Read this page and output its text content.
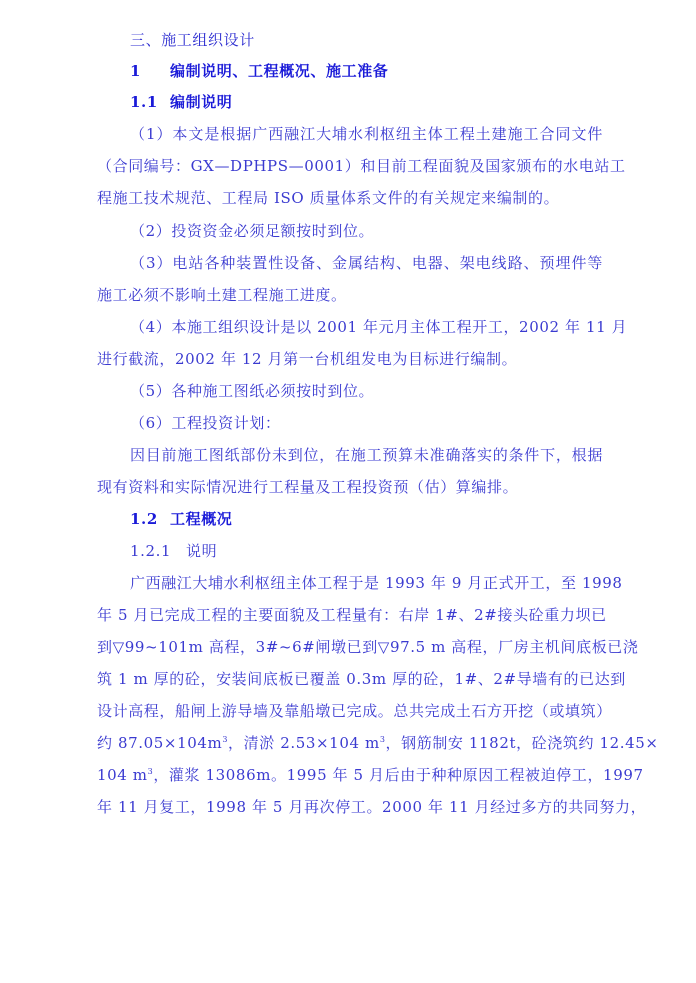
三、施工组织设计
1 编制说明、工程概况、施工准备
1.1 编制说明
（1）本文是根据广西融江大埔水利枢纽主体工程土建施工合同文件
（合同编号：GX—DPHPS—0001）和目前工程面貌及国家颁布的水电站工
程施工技术规范、工程局 ISO 质量体系文件的有关规定来编制的。
（2）投资资金必须足额按时到位。
（3）电站各种装置性设备、金属结构、电器、架电线路、预埋件等
施工必须不影响土建工程施工进度。
（4）本施工组织设计是以 2001 年元月主体工程开工，2002 年 11 月
进行截流，2002 年 12 月第一台机组发电为目标进行编制。
（5）各种施工图纸必须按时到位。
（6）工程投资计划：
因目前施工图纸部份未到位，在施工预算未准确落实的条件下，根据
现有资料和实际情况进行工程量及工程投资预（估）算编排。
1.2 工程概况
1.2.1 说明
广西融江大埔水利枢纽主体工程于是 1993 年 9 月正式开工，至 1998
年 5 月已完成工程的主要面貌及工程量有：右岸 1#、2#接头砼重力坝已
到▽99~101m 高程，3#~6#闸墩已到▽97.5 m 高程，厂房主机间底板已浇
筑 1 m 厚的砼，安装间底板已覆盖 0.3m 厚的砼，1#、2#导墙有的已达到
设计高程，船闸上游导墙及靠船墩已完成。总共完成土石方开挖（或填筑）
约 $87.05\times 104m^3$，清淤 2.53×104 $m^3$，钢筋制安 1182t，砼浇筑约 12.45×
104 $m^3$，灌浆 13086m。1995 年 5 月后由于种种原因工程被迫停工，1997
年 11 月复工，1998 年 5 月再次停工。2000 年 11 月经过多方的共同努力，
